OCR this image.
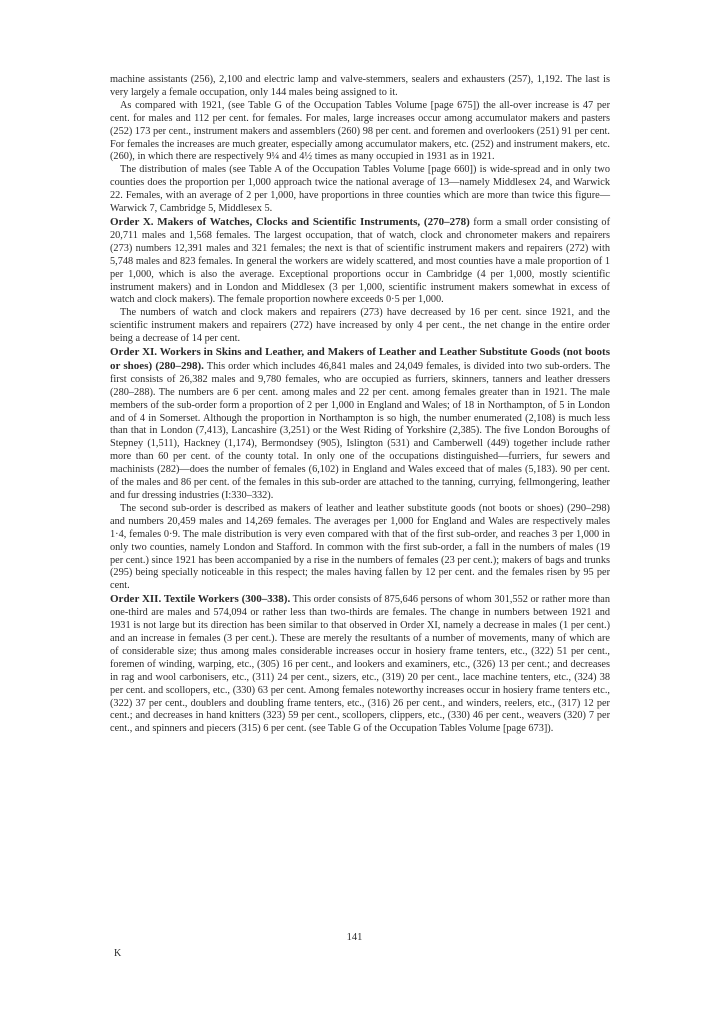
machine assistants (256), 2,100 and electric lamp and valve-stemmers, sealers and exhausters (257), 1,192. The last is very largely a female occupation, only 144 males being assigned to it.

As compared with 1921, (see Table G of the Occupation Tables Volume [page 675]) the all-over increase is 47 per cent. for males and 112 per cent. for females. For males, large increases occur among accumulator makers and pasters (252) 173 per cent., instrument makers and assemblers (260) 98 per cent. and foremen and overlookers (251) 91 per cent. For females the increases are much greater, especially among accumulator makers, etc. (252) and instrument makers, etc. (260), in which there are respectively 9¼ and 4½ times as many occupied in 1931 as in 1921.

The distribution of males (see Table A of the Occupation Tables Volume [page 660]) is wide-spread and in only two counties does the proportion per 1,000 approach twice the national average of 13—namely Middlesex 24, and Warwick 22. Females, with an average of 2 per 1,000, have proportions in three counties which are more than twice this figure—Warwick 7, Cambridge 5, Middlesex 5.

Order X. Makers of Watches, Clocks and Scientific Instruments, (270–278) form a small order consisting of 20,711 males and 1,568 females. The largest occupation, that of watch, clock and chronometer makers and repairers (273) numbers 12,391 males and 321 females; the next is that of scientific instrument makers and repairers (272) with 5,748 males and 823 females. In general the workers are widely scattered, and most counties have a male proportion of 1 per 1,000, which is also the average. Exceptional proportions occur in Cambridge (4 per 1,000, mostly scientific instrument makers) and in London and Middlesex (3 per 1,000, scientific instrument makers somewhat in excess of watch and clock makers). The female proportion nowhere exceeds 0·5 per 1,000.

The numbers of watch and clock makers and repairers (273) have decreased by 16 per cent. since 1921, and the scientific instrument makers and repairers (272) have increased by only 4 per cent., the net change in the entire order being a decrease of 14 per cent.

Order XI. Workers in Skins and Leather, and Makers of Leather and Leather Substitute Goods (not boots or shoes) (280–298). This order which includes 46,841 males and 24,049 females, is divided into two sub-orders. The first consists of 26,382 males and 9,780 females, who are occupied as furriers, skinners, tanners and leather dressers (280–288). The numbers are 6 per cent. among males and 22 per cent. among females greater than in 1921. The male members of the sub-order form a proportion of 2 per 1,000 in England and Wales; of 18 in Northampton, of 5 in London and of 4 in Somerset. Although the proportion in Northampton is so high, the number enumerated (2,108) is much less than that in London (7,413), Lancashire (3,251) or the West Riding of Yorkshire (2,385). The five London Boroughs of Stepney (1,511), Hackney (1,174), Bermondsey (905), Islington (531) and Camberwell (449) together include rather more than 60 per cent. of the county total. In only one of the occupations distinguished—furriers, fur sewers and machinists (282)—does the number of females (6,102) in England and Wales exceed that of males (5,183). 90 per cent. of the males and 86 per cent. of the females in this sub-order are attached to the tanning, currying, fellmongering, leather and fur dressing industries (I:330–332).

The second sub-order is described as makers of leather and leather substitute goods (not boots or shoes) (290–298) and numbers 20,459 males and 14,269 females. The averages per 1,000 for England and Wales are respectively males 1·4, females 0·9. The male distribution is very even compared with that of the first sub-order, and reaches 3 per 1,000 in only two counties, namely London and Stafford. In common with the first sub-order, a fall in the numbers of males (19 per cent.) since 1921 has been accompanied by a rise in the numbers of females (23 per cent.); makers of bags and trunks (295) being specially noticeable in this respect; the males having fallen by 12 per cent. and the females risen by 95 per cent.

Order XII. Textile Workers (300–338). This order consists of 875,646 persons of whom 301,552 or rather more than one-third are males and 574,094 or rather less than two-thirds are females. The change in numbers between 1921 and 1931 is not large but its direction has been similar to that observed in Order XI, namely a decrease in males (1 per cent.) and an increase in females (3 per cent.). These are merely the resultants of a number of movements, many of which are of considerable size; thus among males considerable increases occur in hosiery frame tenters, etc., (322) 51 per cent., foremen of winding, warping, etc., (305) 16 per cent., and lookers and examiners, etc., (326) 13 per cent.; and decreases in rag and wool carbonisers, etc., (311) 24 per cent., sizers, etc., (319) 20 per cent., lace machine tenters, etc., (324) 38 per cent. and scollopers, etc., (330) 63 per cent. Among females noteworthy increases occur in hosiery frame tenters etc., (322) 37 per cent., doublers and doubling frame tenters, etc., (316) 26 per cent., and winders, reelers, etc., (317) 12 per cent.; and decreases in hand knitters (323) 59 per cent., scollopers, clippers, etc., (330) 46 per cent., weavers (320) 7 per cent., and spinners and piecers (315) 6 per cent. (see Table G of the Occupation Tables Volume [page 673]).

141
K
